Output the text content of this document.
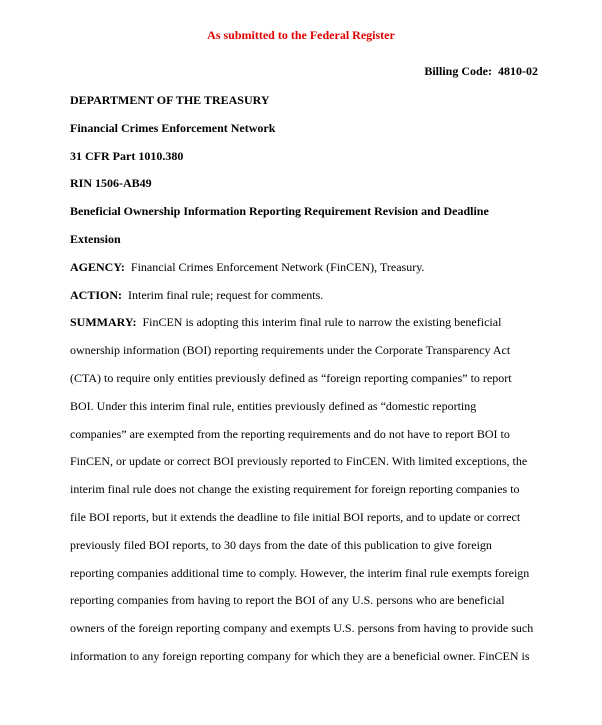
As submitted to the Federal Register
Billing Code:  4810-02
DEPARTMENT OF THE TREASURY
Financial Crimes Enforcement Network
31 CFR Part 1010.380
RIN 1506-AB49
Beneficial Ownership Information Reporting Requirement Revision and Deadline
Extension
AGENCY: Financial Crimes Enforcement Network (FinCEN), Treasury.
ACTION: Interim final rule; request for comments.
SUMMARY: FinCEN is adopting this interim final rule to narrow the existing beneficial
ownership information (BOI) reporting requirements under the Corporate Transparency Act
(CTA) to require only entities previously defined as “foreign reporting companies” to report
BOI. Under this interim final rule, entities previously defined as “domestic reporting
companies” are exempted from the reporting requirements and do not have to report BOI to
FinCEN, or update or correct BOI previously reported to FinCEN. With limited exceptions, the
interim final rule does not change the existing requirement for foreign reporting companies to
file BOI reports, but it extends the deadline to file initial BOI reports, and to update or correct
previously filed BOI reports, to 30 days from the date of this publication to give foreign
reporting companies additional time to comply. However, the interim final rule exempts foreign
reporting companies from having to report the BOI of any U.S. persons who are beneficial
owners of the foreign reporting company and exempts U.S. persons from having to provide such
information to any foreign reporting company for which they are a beneficial owner. FinCEN is
